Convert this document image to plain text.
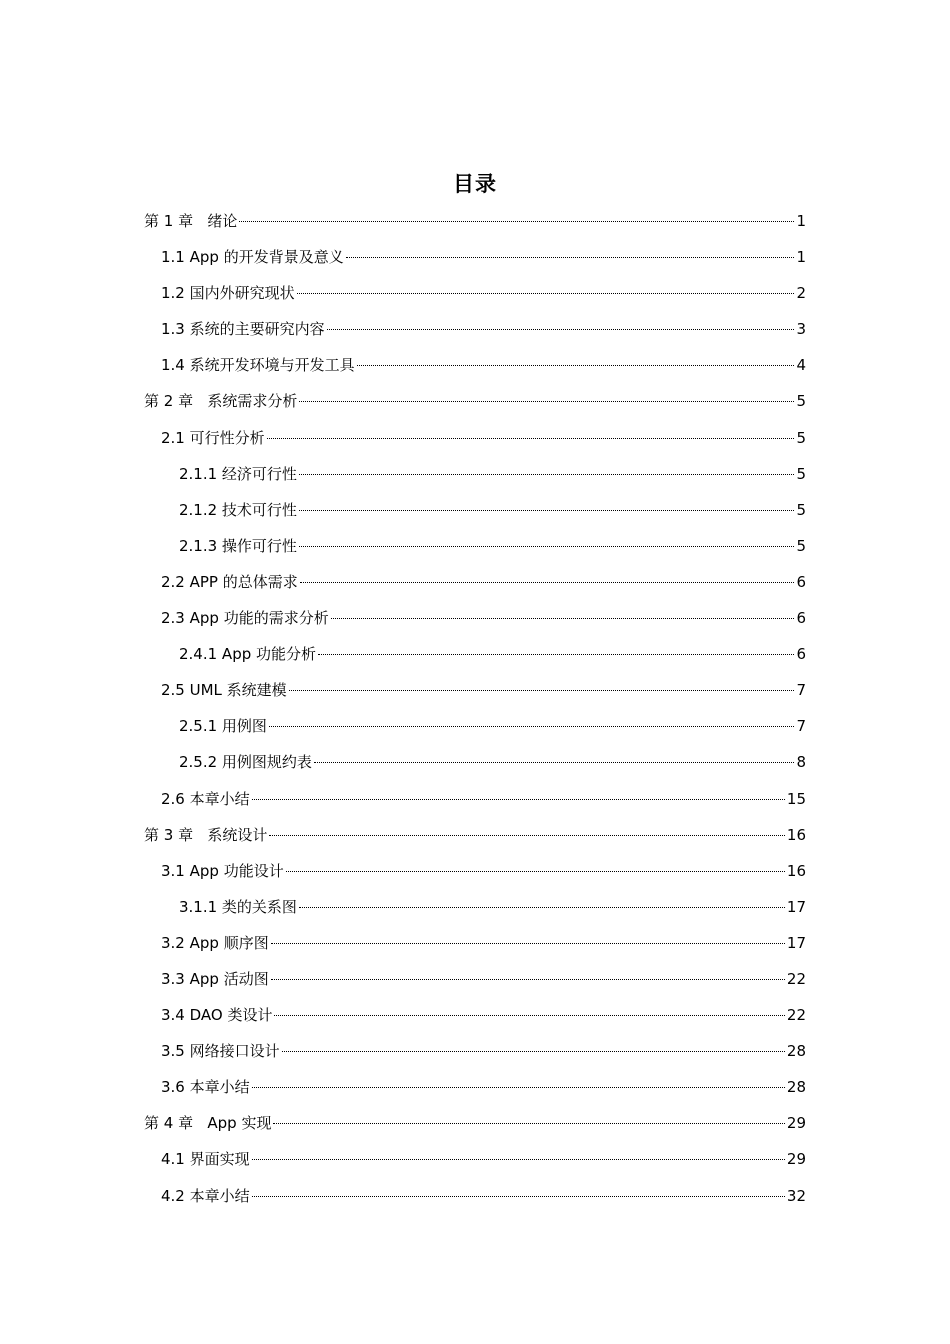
目录
第 1 章   绪论	1
1.1 App 的开发背景及意义	1
1.2 国内外研究现状	2
1.3 系统的主要研究内容	3
1.4 系统开发环境与开发工具	4
第 2 章   系统需求分析	5
2.1 可行性分析	5
2.1.1 经济可行性	5
2.1.2 技术可行性	5
2.1.3 操作可行性	5
2.2 APP 的总体需求	6
2.3 App 功能的需求分析	6
2.4.1 App 功能分析	6
2.5 UML 系统建模	7
2.5.1 用例图	7
2.5.2 用例图规约表	8
2.6 本章小结	15
第 3 章   系统设计	16
3.1 App 功能设计	16
3.1.1 类的关系图	17
3.2 App 顺序图	17
3.3 App 活动图	22
3.4 DAO 类设计	22
3.5 网络接口设计	28
3.6 本章小结	28
第 4 章   App 实现	29
4.1 界面实现	29
4.2 本章小结	32
